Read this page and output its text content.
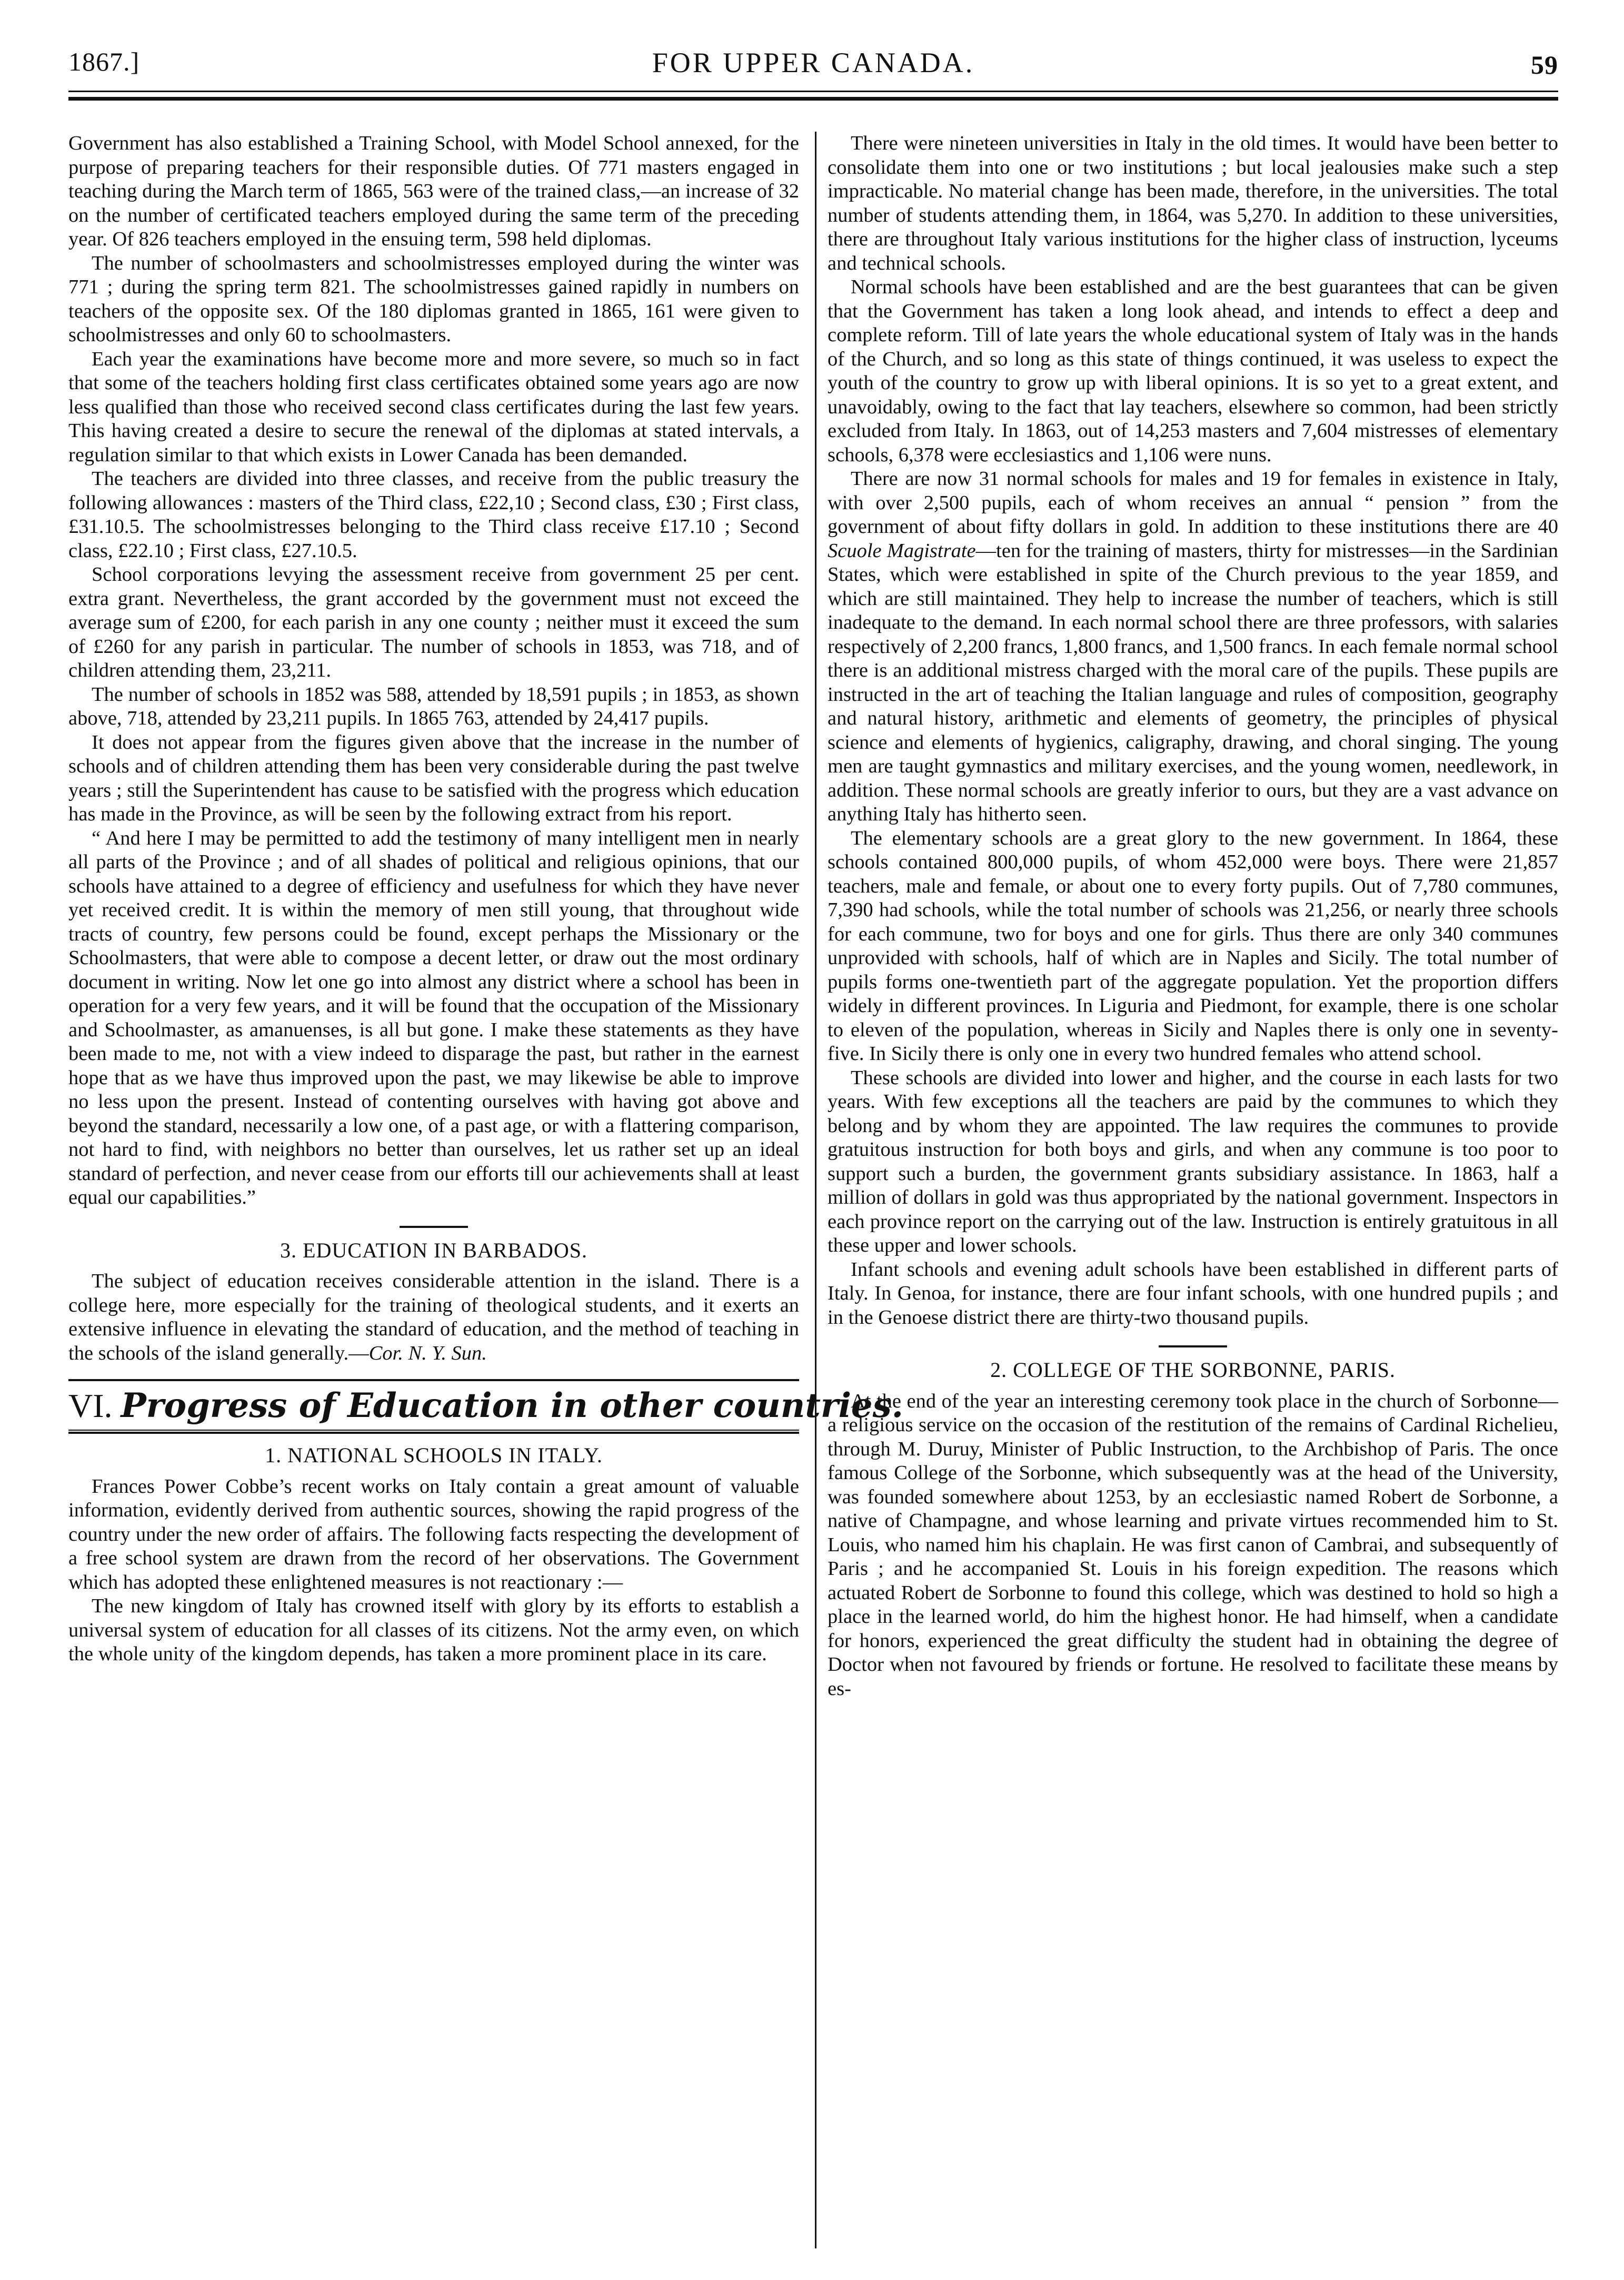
1867.]	FOR UPPER CANADA.	59

Government has also established a Training School, with Model School annexed, for the purpose of preparing teachers for their responsible duties. Of 771 masters engaged in teaching during the March term of 1865, 563 were of the trained class,—an increase of 32 on the number of certificated teachers employed during the same term of the preceding year. Of 826 teachers employed in the ensuing term, 598 held diplomas.

The number of schoolmasters and schoolmistresses employed during the winter was 771 ; during the spring term 821. The schoolmistresses gained rapidly in numbers on teachers of the opposite sex. Of the 180 diplomas granted in 1865, 161 were given to schoolmistresses and only 60 to schoolmasters.

Each year the examinations have become more and more severe, so much so in fact that some of the teachers holding first class certificates obtained some years ago are now less qualified than those who received second class certificates during the last few years. This having created a desire to secure the renewal of the diplomas at stated intervals, a regulation similar to that which exists in Lower Canada has been demanded.

The teachers are divided into three classes, and receive from the public treasury the following allowances : masters of the Third class, £22,10 ; Second class, £30 ; First class, £31.10.5. The schoolmistresses belonging to the Third class receive £17.10 ; Second class, £22.10 ; First class, £27.10.5.

School corporations levying the assessment receive from government 25 per cent. extra grant. Nevertheless, the grant accorded by the government must not exceed the average sum of £200, for each parish in any one county ; neither must it exceed the sum of £260 for any parish in particular. The number of schools in 1853, was 718, and of children attending them, 23,211.

The number of schools in 1852 was 588, attended by 18,591 pupils ; in 1853, as shown above, 718, attended by 23,211 pupils. In 1865 763, attended by 24,417 pupils.

It does not appear from the figures given above that the increase in the number of schools and of children attending them has been very considerable during the past twelve years ; still the Superintendent has cause to be satisfied with the progress which education has made in the Province, as will be seen by the following extract from his report.

“ And here I may be permitted to add the testimony of many intelligent men in nearly all parts of the Province ; and of all shades of political and religious opinions, that our schools have attained to a degree of efficiency and usefulness for which they have never yet received credit. It is within the memory of men still young, that throughout wide tracts of country, few persons could be found, except perhaps the Missionary or the Schoolmasters, that were able to compose a decent letter, or draw out the most ordinary document in writing. Now let one go into almost any district where a school has been in operation for a very few years, and it will be found that the occupation of the Missionary and Schoolmaster, as amanuenses, is all but gone. I make these statements as they have been made to me, not with a view indeed to disparage the past, but rather in the earnest hope that as we have thus improved upon the past, we may likewise be able to improve no less upon the present. Instead of contenting ourselves with having got above and beyond the standard, necessarily a low one, of a past age, or with a flattering comparison, not hard to find, with neighbors no better than ourselves, let us rather set up an ideal standard of perfection, and never cease from our efforts till our achievements shall at least equal our capabilities.”

3. EDUCATION IN BARBADOS.

The subject of education receives considerable attention in the island. There is a college here, more especially for the training of theological students, and it exerts an extensive influence in elevating the standard of education, and the method of teaching in the schools of the island generally.—Cor. N. Y. Sun.

VI. Progress of Education in other countries.
1. NATIONAL SCHOOLS IN ITALY.

Frances Power Cobbe’s recent works on Italy contain a great amount of valuable information, evidently derived from authentic sources, showing the rapid progress of the country under the new order of affairs. The following facts respecting the development of a free school system are drawn from the record of her observations. The Government which has adopted these enlightened measures is not reactionary :—

The new kingdom of Italy has crowned itself with glory by its efforts to establish a universal system of education for all classes of its citizens. Not the army even, on which the whole unity of the kingdom depends, has taken a more prominent place in its care.

There were nineteen universities in Italy in the old times. It would have been better to consolidate them into one or two institutions ; but local jealousies make such a step impracticable. No material change has been made, therefore, in the universities. The total number of students attending them, in 1864, was 5,270. In addition to these universities, there are throughout Italy various institutions for the higher class of instruction, lyceums and technical schools.

Normal schools have been established and are the best guarantees that can be given that the Government has taken a long look ahead, and intends to effect a deep and complete reform. Till of late years the whole educational system of Italy was in the hands of the Church, and so long as this state of things continued, it was useless to expect the youth of the country to grow up with liberal opinions. It is so yet to a great extent, and unavoidably, owing to the fact that lay teachers, elsewhere so common, had been strictly excluded from Italy. In 1863, out of 14,253 masters and 7,604 mistresses of elementary schools, 6,378 were ecclesiastics and 1,106 were nuns.

There are now 31 normal schools for males and 19 for females in existence in Italy, with over 2,500 pupils, each of whom receives an annual “ pension ” from the government of about fifty dollars in gold. In addition to these institutions there are 40 Scuole Magistrate—ten for the training of masters, thirty for mistresses—in the Sardinian States, which were established in spite of the Church previous to the year 1859, and which are still maintained. They help to increase the number of teachers, which is still inadequate to the demand. In each normal school there are three professors, with salaries respectively of 2,200 francs, 1,800 francs, and 1,500 francs. In each female normal school there is an additional mistress charged with the moral care of the pupils. These pupils are instructed in the art of teaching the Italian language and rules of composition, geography and natural history, arithmetic and elements of geometry, the principles of physical science and elements of hygienics, caligraphy, drawing, and choral singing. The young men are taught gymnastics and military exercises, and the young women, needlework, in addition. These normal schools are greatly inferior to ours, but they are a vast advance on anything Italy has hitherto seen.

The elementary schools are a great glory to the new government. In 1864, these schools contained 800,000 pupils, of whom 452,000 were boys. There were 21,857 teachers, male and female, or about one to every forty pupils. Out of 7,780 communes, 7,390 had schools, while the total number of schools was 21,256, or nearly three schools for each commune, two for boys and one for girls. Thus there are only 340 communes unprovided with schools, half of which are in Naples and Sicily. The total number of pupils forms one-twentieth part of the aggregate population. Yet the proportion differs widely in different provinces. In Liguria and Piedmont, for example, there is one scholar to eleven of the population, whereas in Sicily and Naples there is only one in seventy-five. In Sicily there is only one in every two hundred females who attend school.

These schools are divided into lower and higher, and the course in each lasts for two years. With few exceptions all the teachers are paid by the communes to which they belong and by whom they are appointed. The law requires the communes to provide gratuitous instruction for both boys and girls, and when any commune is too poor to support such a burden, the government grants subsidiary assistance. In 1863, half a million of dollars in gold was thus appropriated by the national government. Inspectors in each province report on the carrying out of the law. Instruction is entirely gratuitous in all these upper and lower schools.

Infant schools and evening adult schools have been established in different parts of Italy. In Genoa, for instance, there are four infant schools, with one hundred pupils ; and in the Genoese district there are thirty-two thousand pupils.

2. COLLEGE OF THE SORBONNE, PARIS.

At the end of the year an interesting ceremony took place in the church of Sorbonne—a religious service on the occasion of the restitution of the remains of Cardinal Richelieu, through M. Duruy, Minister of Public Instruction, to the Archbishop of Paris. The once famous College of the Sorbonne, which subsequently was at the head of the University, was founded somewhere about 1253, by an ecclesiastic named Robert de Sorbonne, a native of Champagne, and whose learning and private virtues recommended him to St. Louis, who named him his chaplain. He was first canon of Cambrai, and subsequently of Paris ; and he accompanied St. Louis in his foreign expedition. The reasons which actuated Robert de Sorbonne to found this college, which was destined to hold so high a place in the learned world, do him the highest honor. He had himself, when a candidate for honors, experienced the great difficulty the student had in obtaining the degree of Doctor when not favoured by friends or fortune. He resolved to facilitate these means by es-
